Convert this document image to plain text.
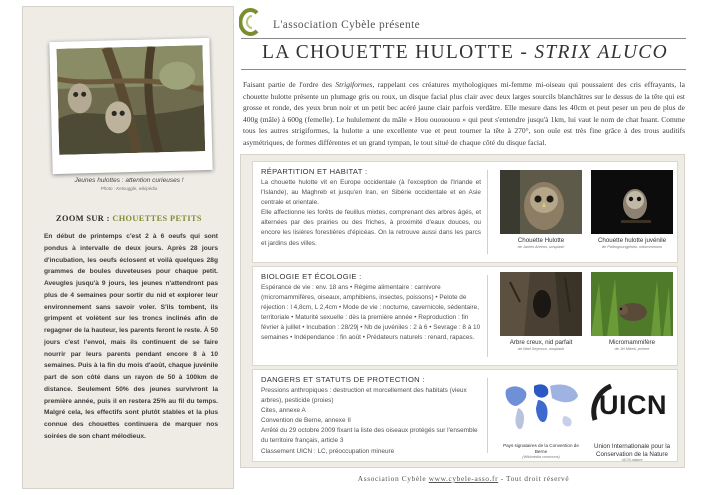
Jeunes hulottes : attention curieuses !
Photo : Ketsuggle, wikipédia
ZOOM SUR : CHOUETTES PETITS
En début de printemps c'est 2 à 6 oeufs qui sont pondus à intervalle de deux jours. Après 28 jours d'incubation, les oeufs éclosent et voilà quelques 28g grammes de boules duveteuses pour chaque petit. Aveugles jusqu'à 9 jours, les jeunes n'attendront pas plus de 4 semaines pour sortir du nid et explorer leur environnement sans savoir voler. S'ils tombent, ils grimpent et volètent sur les troncs inclinés afin de regagner de la hauteur, les parents feront le reste. À 50 jours c'est l'envol, mais ils continuent de se faire nourrir par leurs parents pendant encore 8 à 10 semaines. Puis à la fin du mois d'août, chaque juvénile part de son côté dans un rayon de 50 à 100km de distance. Seulement 50% des jeunes survivront la première année, puis il en restera 25% au fil du temps. Malgré cela, les effectifs sont plutôt stables et la plus connue des chouettes continuera de marquer nos soirées de son chant mélodieux.
L'association Cybèle présente
LA CHOUETTE HULOTTE - STRIX ALUCO
Faisant partie de l'ordre des Strigiformes, rappelant ces créatures mythologiques mi-femme mi-oiseau qui poussaient des cris effrayants, la chouette hulotte présente un plumage gris ou roux, un disque facial plus clair avec deux larges sourcils blanchâtres sur le dessus de la tête qui est grosse et ronde, des yeux brun noir et un petit bec acéré jaune clair parfois verdâtre. Elle mesure dans les 40cm et peut peser un peu de plus de 400g (mâle) à 600g (femelle). Le hululement du mâle « Hou ouououou » qui peut s'entendre jusqu'à 1km, lui vaut le nom de chat huant. Comme tous les autres strigiformes, la hulotte a une excellente vue et peut tourner la tête à 270°, son ouïe est très fine grâce à des trous auditifs asymétriques, de formes différentes et un grand tympan, le tout situé de chaque côté du disque facial.
RÉPARTITION ET HABITAT :

La chouette hulotte vit en Europe occidentale (à l'exception de l'Irlande et l'Islande), au Maghreb et jusqu'en Iran, en Sibérie occidentale et en Asie centrale et orientale.

Elle affectionne les forêts de feuillus mixtes, comprenant des arbres âgés, et alternées par des prairies ou des friches, à proximité d'eaux douces, ou encore les lisières forestières d'épicéas. On la retrouve aussi dans les parcs et jardins des villes.	Chouette Hulotte
de James Ahrens, unsplash
Chouette hulotte juvénile
de Paltrogoongphoto, wikicommons
BIOLOGIE ET ÉCOLOGIE :
Espérance de vie : env. 18 ans • Régime alimentaire : carnivore (micromammifères, oiseaux, amphibiens, insectes, poissons) • Pelote de réjection : l 4,8cm, L 2,4cm • Mode de vie : nocturne, cavernicole, sédentaire, territoriale • Maturité sexuelle : dès la première année • Reproduction : fin février à juillet • Incubation : 28/29j • Nb de juvéniles : 2 à 6 • Sevrage : 8 à 10 semaines • Indépendance : fin août • Prédateurs naturels : renard, rapaces.
Arbre creux, nid parfait
de Matt Seymour, unsplash
Micromammifère
de Jiri Mikeš, pxhere
DANGERS ET STATUTS DE PROTECTION :

Pressions anthropiques : destruction et morcellement des habitats (vieux arbres), pesticide (proies)

Cites, annexe A

Convention de Berne, annexe II

Arrêté du 29 octobre 2009 fixant la liste des oiseaux protégés sur l'ensemble du territoire français, article 3

Classement UICN : LC, préoccupation mineure

Pays signataires de la Convention de Berne
(Wikimedia commons)
UICN
Union Internationale pour la Conservation de la Nature
UICN nature
Association Cybèle www.cybele-asso.fr - Tout droit réservé
